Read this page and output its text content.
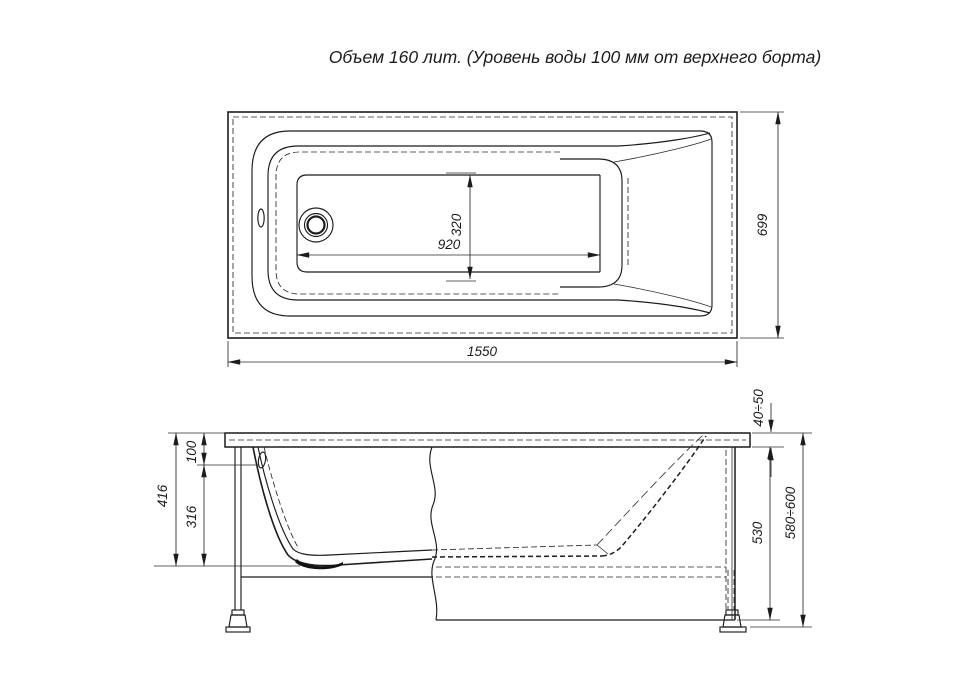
Объем 160 лит. (Уровень воды 100 мм от верхнего борта)
920
320
1550
699
100
416
316
40÷50
530 580÷600
